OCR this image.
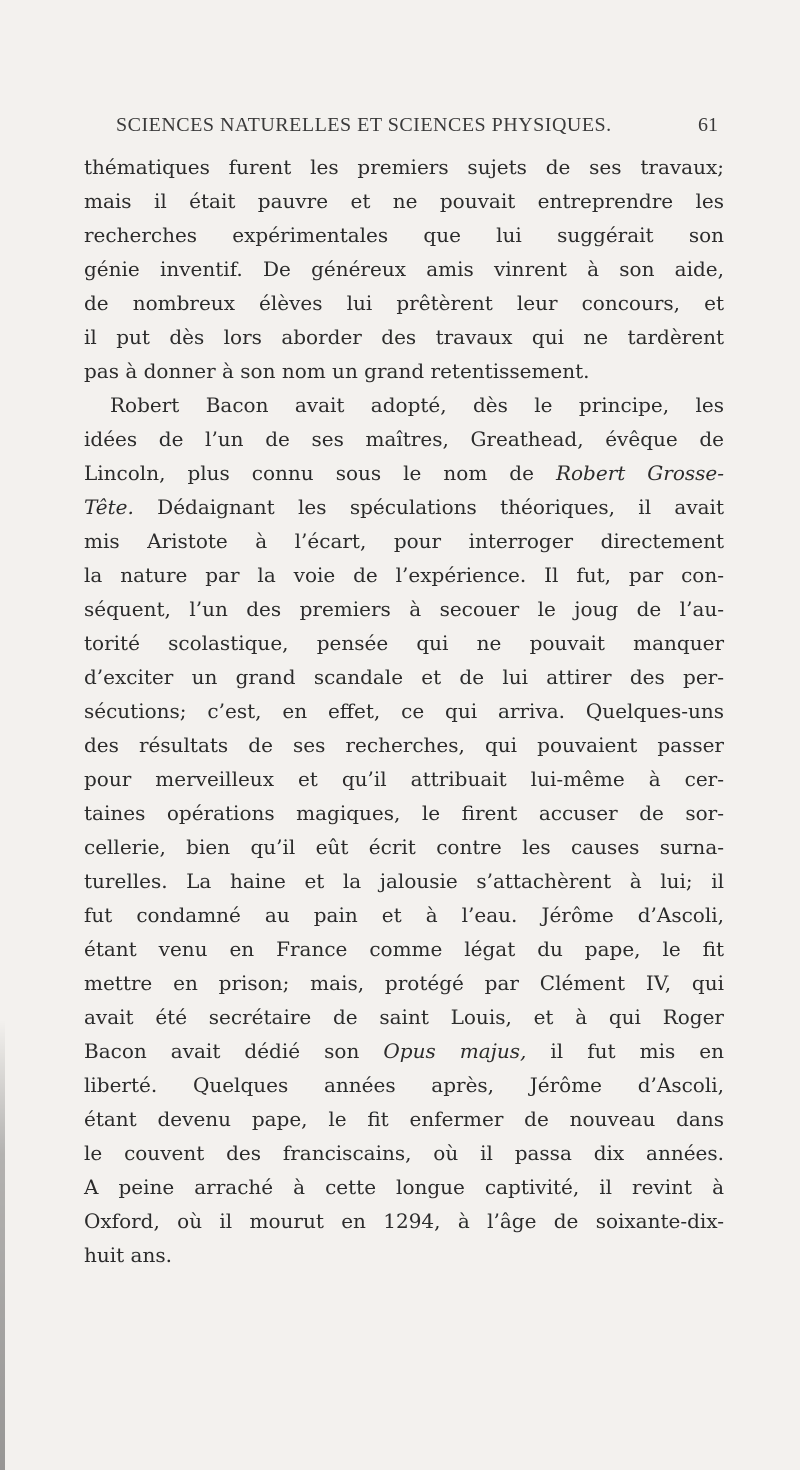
SCIENCES NATURELLES ET SCIENCES PHYSIQUES.	61
thématiques furent les premiers sujets de ses travaux;
mais il était pauvre et ne pouvait entreprendre les
recherches expérimentales que lui suggérait son
génie inventif. De généreux amis vinrent à son aide,
de nombreux élèves lui prêtèrent leur concours, et
il put dès lors aborder des travaux qui ne tardèrent
pas à donner à son nom un grand retentissement.
Robert Bacon avait adopté, dès le principe, les
idées de l’un de ses maîtres, Greathead, évêque de
Lincoln, plus connu sous le nom de Robert Grosse-
Tête. Dédaignant les spéculations théoriques, il avait
mis Aristote à l’écart, pour interroger directement
la nature par la voie de l’expérience. Il fut, par con-
séquent, l’un des premiers à secouer le joug de l’au-
torité scolastique, pensée qui ne pouvait manquer
d’exciter un grand scandale et de lui attirer des per-
sécutions; c’est, en effet, ce qui arriva. Quelques-uns
des résultats de ses recherches, qui pouvaient passer
pour merveilleux et qu’il attribuait lui-même à cer-
taines opérations magiques, le firent accuser de sor-
cellerie, bien qu’il eût écrit contre les causes surna-
turelles. La haine et la jalousie s’attachèrent à lui; il
fut condamné au pain et à l’eau. Jérôme d’Ascoli,
étant venu en France comme légat du pape, le fit
mettre en prison; mais, protégé par Clément IV, qui
avait été secrétaire de saint Louis, et à qui Roger
Bacon avait dédié son Opus majus, il fut mis en
liberté. Quelques années après, Jérôme d’Ascoli,
étant devenu pape, le fit enfermer de nouveau dans
le couvent des franciscains, où il passa dix années.
A peine arraché à cette longue captivité, il revint à
Oxford, où il mourut en 1294, à l’âge de soixante-dix-
huit ans.
